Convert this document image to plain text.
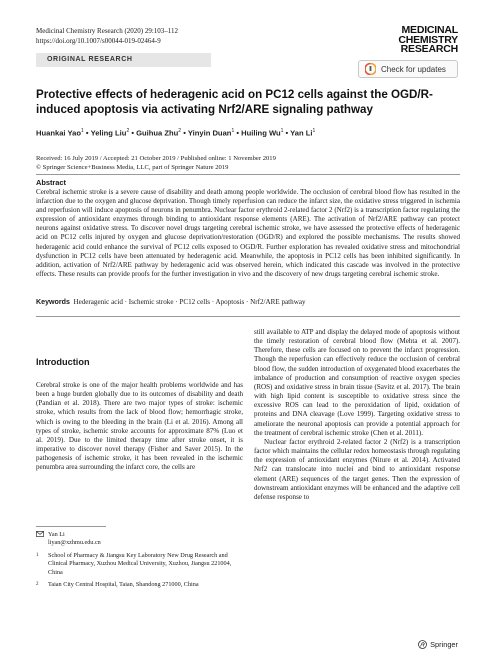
Medicinal Chemistry Research (2020) 29:103–112
https://doi.org/10.1007/s00044-019-02464-9
MEDICINAL
CHEMISTRY
RESEARCH
ORIGINAL RESEARCH
Check for updates
Protective effects of hederagenic acid on PC12 cells against the OGD/R-induced apoptosis via activating Nrf2/ARE signaling pathway
Huankai Yao$^1$ • Yeling Liu$^2$ • Guihua Zhu$^2$ • Yinyin Duan$^1$ • Huiling Wu$^1$ • Yan Li$^1$
Received: 16 July 2019 / Accepted: 21 October 2019 / Published online: 1 November 2019
© Springer Science+Business Media, LLC, part of Springer Nature 2019
Abstract
Cerebral ischemic stroke is a severe cause of disability and death among people worldwide. The occlusion of cerebral blood flow has resulted in the infarction due to the oxygen and glucose deprivation. Though timely reperfusion can reduce the infarct size, the oxidative stress triggered in ischemia and reperfusion will induce apoptosis of neurons in penumbra. Nuclear factor erythroid 2-related factor 2 (Nrf2) is a transcription factor regulating the expression of antioxidant enzymes through binding to antioxidant response elements (ARE). The activation of Nrf2/ARE pathway can protect neurons against oxidative stress. To discover novel drugs targeting cerebral ischemic stroke, we have assessed the protective effects of hederagenic acid on PC12 cells injured by oxygen and glucose deprivation/restoration (OGD/R) and explored the possible mechanisms. The results showed hederagenic acid could enhance the survival of PC12 cells exposed to OGD/R. Further exploration has revealed oxidative stress and mitochondrial dysfunction in PC12 cells have been attenuated by hederagenic acid. Meanwhile, the apoptosis in PC12 cells has been inhibited significantly. In addition, activation of Nrf2/ARE pathway by hederagenic acid was observed herein, which indicated this cascade was involved in the protective effects. These results can provide proofs for the further investigation in vivo and the discovery of new drugs targeting cerebral ischemic stroke.
Keywords Hederagenic acid · Ischemic stroke · PC12 cells · Apoptosis · Nrf2/ARE pathway
Introduction

Cerebral stroke is one of the major health problems worldwide and has been a huge burden globally due to its outcomes of disability and death (Pandian et al. 2018). There are two major types of stroke: ischemic stroke, which results from the lack of blood flow; hemorrhagic stroke, which is owing to the bleeding in the brain (Li et al. 2016). Among all types of stroke, ischemic stroke accounts for approximate 87% (Luo et al. 2019). Due to the limited therapy time after stroke onset, it is imperative to discover novel therapy (Fisher and Saver 2015). In the pathogenesis of ischemic stroke, it has been revealed in the ischemic penumbra area surrounding the infarct core, the cells are

still available to ATP and display the delayed mode of apoptosis without the timely restoration of cerebral blood flow (Mehta et al. 2007). Therefore, these cells are focused on to prevent the infarct progression. Though the reperfusion can effectively reduce the occlusion of cerebral blood flow, the sudden introduction of oxygenated blood exacerbates the imbalance of production and consumption of reactive oxygen species (ROS) and oxidative stress in brain tissue (Savitz et al. 2017). The brain with high lipid content is susceptible to oxidative stress since the excessive ROS can lead to the peroxidation of lipid, oxidation of proteins and DNA cleavage (Love 1999). Targeting oxidative stress to ameliorate the neuronal apoptosis can provide a potential approach for the treatment of cerebral ischemic stroke (Chen et al. 2011).

Nuclear factor erythroid 2-related factor 2 (Nrf2) is a transcription factor which maintains the cellular redox homeostasis through regulating the expression of antioxidant enzymes (Niture et al. 2014). Activated Nrf2 can translocate into nuclei and bind to antioxidant response element (ARE) sequences of the target genes. Then the expression of downstream antioxidant enzymes will be enhanced and the adaptive cell defense response to

Yan Li
liyan@xzhmu.edu.cn
1	School of Pharmacy & Jiangsu Key Laboratory New Drug Research and Clinical Pharmacy, Xuzhou Medical University, Xuzhou, Jiangsu 221004, China
2	Taian City Central Hospital, Taian, Shandong 271000, China
Springer
